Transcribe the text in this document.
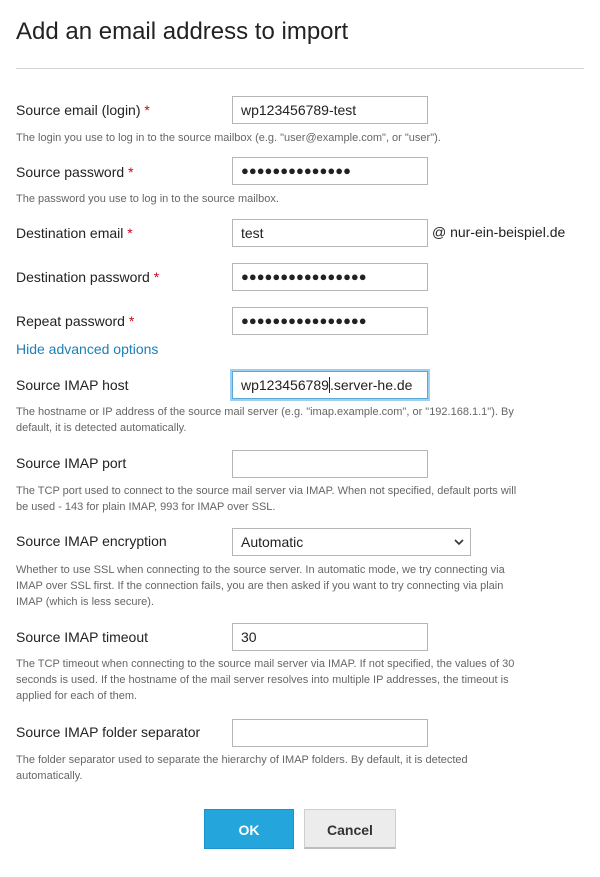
Add an email address to import
Source email (login) *	wp123456789-test
The login you use to log in to the source mailbox (e.g. "user@example.com", or "user").
Source password *	●●●●●●●●●●●●●●
The password you use to log in to the source mailbox.
Destination email *	test	@ nur-ein-beispiel.de
Destination password *	●●●●●●●●●●●●●●●●
Repeat password *	●●●●●●●●●●●●●●●●
Hide advanced options
Source IMAP host	wp123456789.server-he.de
The hostname or IP address of the source mail server (e.g. "imap.example.com", or "192.168.1.1"). By default, it is detected automatically.
Source IMAP port
The TCP port used to connect to the source mail server via IMAP. When not specified, default ports will be used - 143 for plain IMAP, 993 for IMAP over SSL.
Source IMAP encryption	Automatic
Whether to use SSL when connecting to the source server. In automatic mode, we try connecting via IMAP over SSL first. If the connection fails, you are then asked if you want to try connecting via plain IMAP (which is less secure).
Source IMAP timeout	30
The TCP timeout when connecting to the source mail server via IMAP. If not specified, the values of 30 seconds is used. If the hostname of the mail server resolves into multiple IP addresses, the timeout is applied for each of them.
Source IMAP folder separator
The folder separator used to separate the hierarchy of IMAP folders. By default, it is detected automatically.
OK	Cancel
